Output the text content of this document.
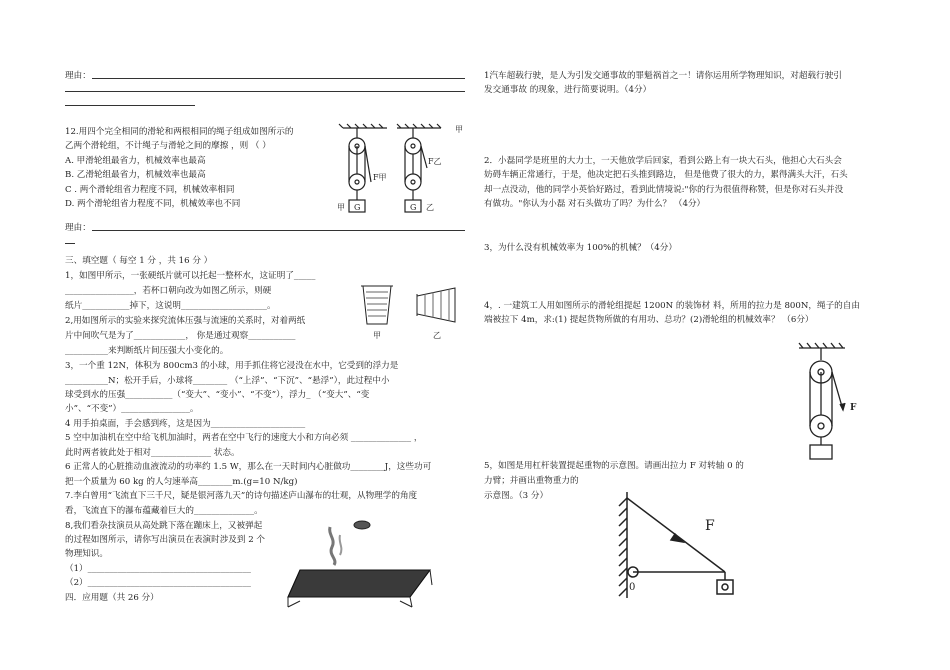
理由：
12.用四个完全相同的滑轮和两根相同的绳子组成如图所示的
乙两个滑轮组，不计绳子与滑轮之间的摩擦 ，则 （ ）
A. 甲滑轮组最省力，机械效率也最高
B. 乙滑轮组最省力，机械效率也最高
C . 两个滑轮组省力程度不同，机械效率相同
D. 两个滑轮组省力程度不同，机械效率也不同
F甲
F乙
G	G
甲	乙
甲
理由：
三、填空题（ 每空 1 分 ，共 16 分 ）
1，如图甲所示，一张硬纸片就可以托起一整杯水，这证明了_____
________________，若杯口朝向改为如图乙所示，则硬
纸片___________掉下，这说明____________________。
2,用如图所示的实验来探究流体压强与流速的关系时，对着两纸
片中间吹气是为了____________， 你是通过观察___________
__________来判断纸片间压强大小变化的。
甲	乙
3，一个重 12N，体积为 800cm3 的小球，用手抓住将它浸没在水中，它受到的浮力是
__________N；松开手后，小球将________ （“上浮”、“下沉”、“悬浮”），此过程中小
球受到水的压强___________（“变大”、“变小”、“不变”），浮力_ （“变大”、“变
小”、“不变”）________________。
4 用手拍桌面，手会感到疼，这是因为______________________
5 空中加油机在空中给飞机加油时，两者在空中飞行的速度大小和方向必须 ______________ ，
此时两者彼此处于相对______________ 状态。
6 正常人的心脏推动血液流动的功率约 1.5 W，那么在一天时间内心脏做功________J，这些功可
把一个质量为 60 kg 的人匀速举高________m.(g=10 N/kg)
7.李白曾用“飞流直下三千尺，疑是银河落九天”的诗句描述庐山瀑布的壮观，从物理学的角度
看，飞流直下的瀑布蕴藏着巨大的______________。
8,我们看杂技演员从高处跳下落在蹦床上，又被弹起
的过程如图所示，请你写出演员在表演时涉及到 2 个
物理知识。
（1）______________________________________
（2）______________________________________
四．应用题（共 26 分）
1汽车超载行驶，是人为引发交通事故的罪魁祸首之一！请你运用所学物理知识，对超载行驶引
发交通事故 的现象，进行简要说明。（4分）
2．小磊同学是班里的大力士，一天他放学后回家，看到公路上有一块大石头，他担心大石头会
妨碍车辆正常通行，于是，他决定把石头推到路边， 但是他费了很大的力，累得满头大汗，石头
却一点没动，他的同学小英恰好路过，看到此情境说:"你的行为很值得称赞，但是你对石头并没
有做功。"你认为小磊 对石头做功了吗？为什么？ （4分）
3，为什么没有机械效率为 100%的机械？（4分）
4，. 一建筑工人用如图所示的滑轮组提起 1200N 的装饰材 料，所用的拉力是 800N，绳子的自由
端被拉下 4m，求:(1) 提起货物所做的有用功、总功？(2)滑轮组的机械效率？ （6分）
F
5，如图是用杠杆装置提起重物的示意图。请画出拉力 F 对转轴 0 的
力臂；并画出重物重力的
示意图。（3 分）
F
0
